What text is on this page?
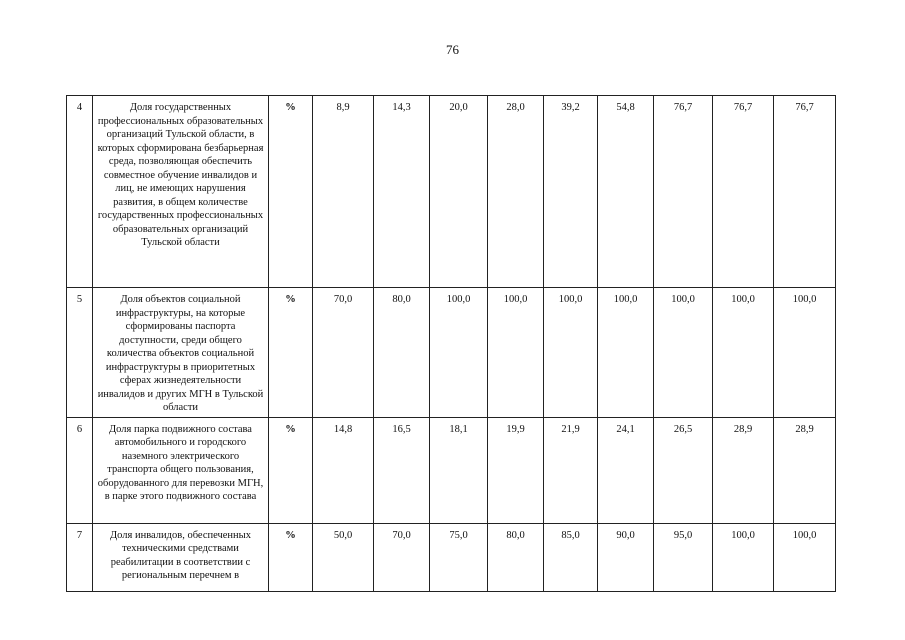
76
4	Доля государственных профессиональных образовательных организаций Тульской области, в которых сформирована безбарьерная среда, позволяющая обеспечить совместное обучение инвалидов и лиц, не имеющих нарушения развития, в общем количестве государственных профессиональных образовательных организаций Тульской области	%	8,9	14,3	20,0	28,0	39,2	54,8	76,7	76,7	76,7
5	Доля объектов социальной инфраструктуры, на которые сформированы паспорта доступности, среди общего количества объектов социальной инфраструктуры в приоритетных сферах жизнедеятельности инвалидов и других МГН в Тульской области	%	70,0	80,0	100,0	100,0	100,0	100,0	100,0	100,0	100,0
6	Доля парка подвижного состава автомобильного и городского наземного электрического транспорта общего пользования, оборудованного для перевозки МГН, в парке этого подвижного состава	%	14,8	16,5	18,1	19,9	21,9	24,1	26,5	28,9	28,9
7	Доля инвалидов, обеспеченных техническими средствами реабилитации в соответствии с региональным перечнем в	%	50,0	70,0	75,0	80,0	85,0	90,0	95,0	100,0	100,0
